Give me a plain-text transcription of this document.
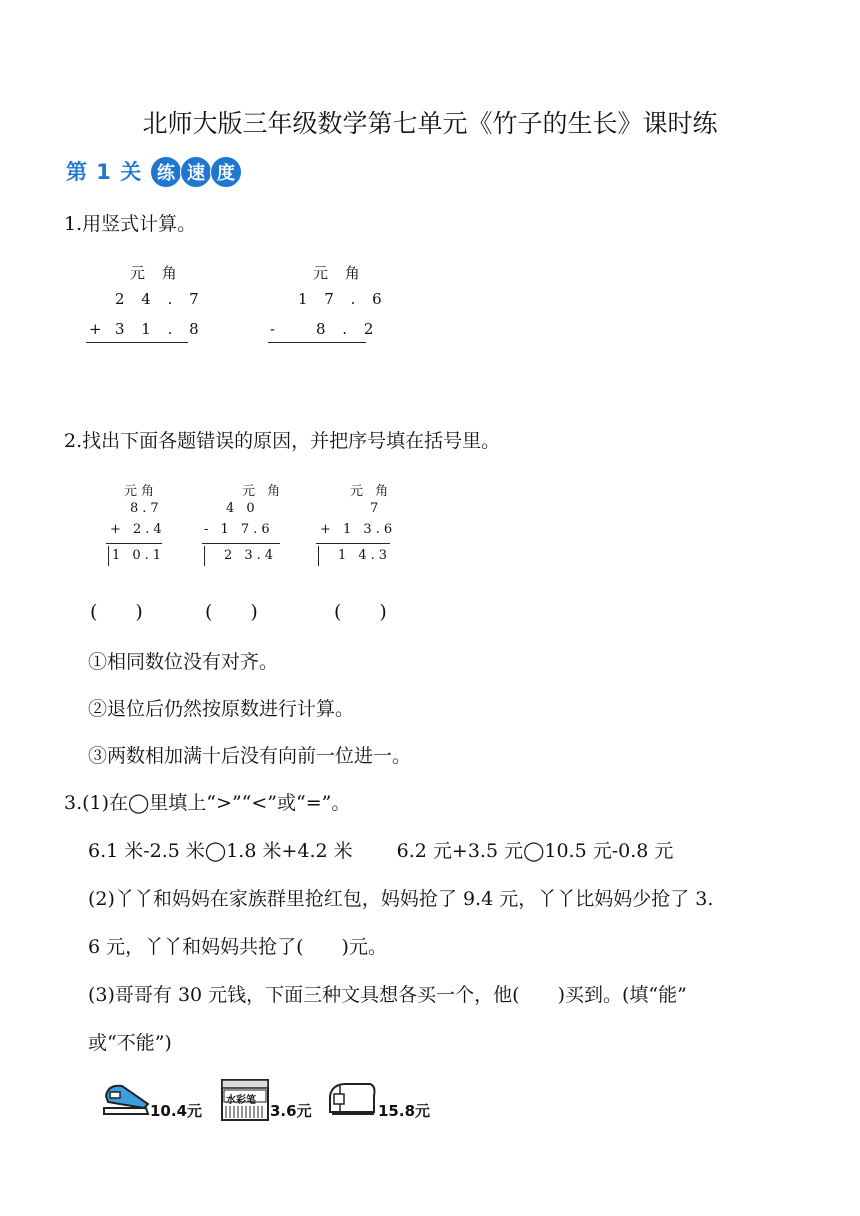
北师大版三年级数学第七单元《竹子的生长》课时练
第 1 关 练 速 度
1.用竖式计算。
元 角
2 4 . 7
+ 3 1 . 8
元 角
1 7 . 6
- 8 . 2
2.找出下面各题错误的原因，并把序号填在括号里。
元角
8.7
+ 2.4
1 0.1
元 角
4 0
- 1 7.6
2 3.4
元 角
7
+ 1 3.6
1 4.3
(　　)	(　　)	(　　)
①相同数位没有对齐。
②退位后仍然按原数进行计算。
③两数相加满十后没有向前一位进一。
3.(1)在◯里填上“>”“<”或“=”。
6.1 米-2.5 米◯1.8 米+4.2 米　　 6.2 元+3.5 元◯10.5 元-0.8 元
(2)丫丫和妈妈在家族群里抢红包，妈妈抢了 9.4 元，丫丫比妈妈少抢了 3.
6 元，丫丫和妈妈共抢了(　　)元。
(3)哥哥有 30 元钱，下面三种文具想各买一个，他(　　)买到。(填“能”
或“不能”)
10.4元
水彩笔
3.6元	15.8元
